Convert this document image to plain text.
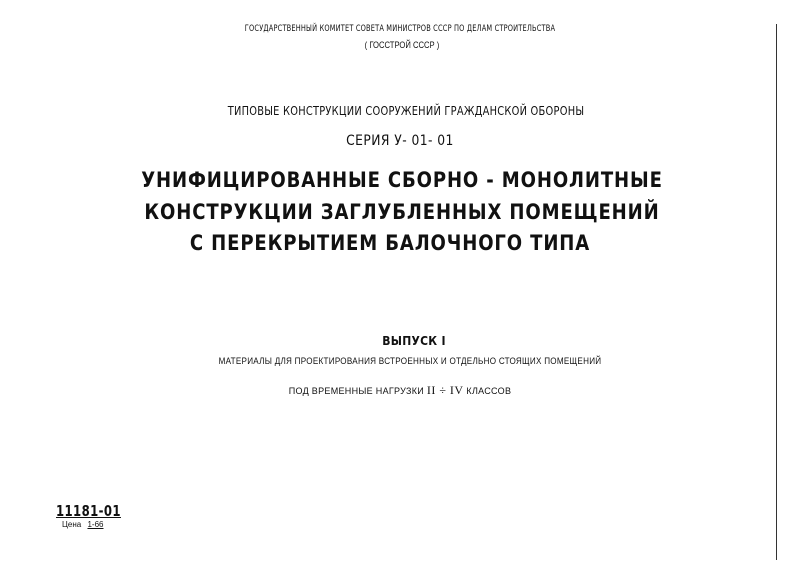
ГОСУДАРСТВЕННЫЙ КОМИТЕТ СОВЕТА МИНИСТРОВ СССР ПО ДЕЛАМ СТРОИТЕЛЬСТВА
( ГОССТРОЙ СССР )
ТИПОВЫЕ КОНСТРУКЦИИ СООРУЖЕНИЙ ГРАЖДАНСКОЙ ОБОРОНЫ
СЕРИЯ У- 01- 01
УНИФИЦИРОВАННЫЕ СБОРНО - МОНОЛИТНЫЕ
КОНСТРУКЦИИ ЗАГЛУБЛЕННЫХ ПОМЕЩЕНИЙ
С ПЕРЕКРЫТИЕМ БАЛОЧНОГО ТИПА
ВЫПУСК I
МАТЕРИАЛЫ ДЛЯ ПРОЕКТИРОВАНИЯ ВСТРОЕННЫХ И ОТДЕЛЬНО СТОЯЩИХ ПОМЕЩЕНИЙ
ПОД ВРЕМЕННЫЕ НАГРУЗКИ II ÷ IV КЛАССОВ
11181-01
Цена 1-66
